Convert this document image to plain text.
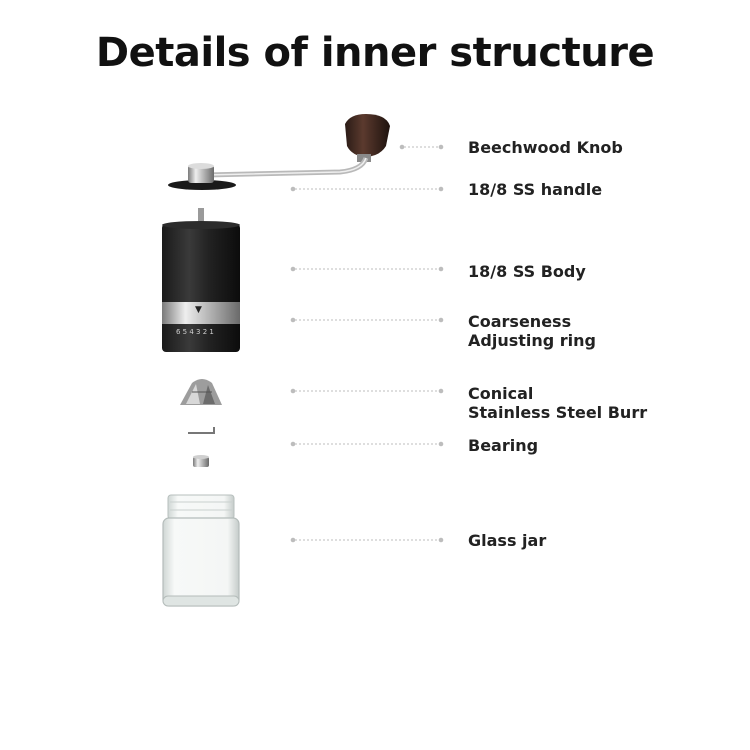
Details of inner structure
▼
6 5 4 3 2 1
Beechwood Knob
18/8 SS handle
18/8 SS Body
Coarseness
Adjusting ring
Conical
Stainless Steel Burr
Bearing
Glass jar
